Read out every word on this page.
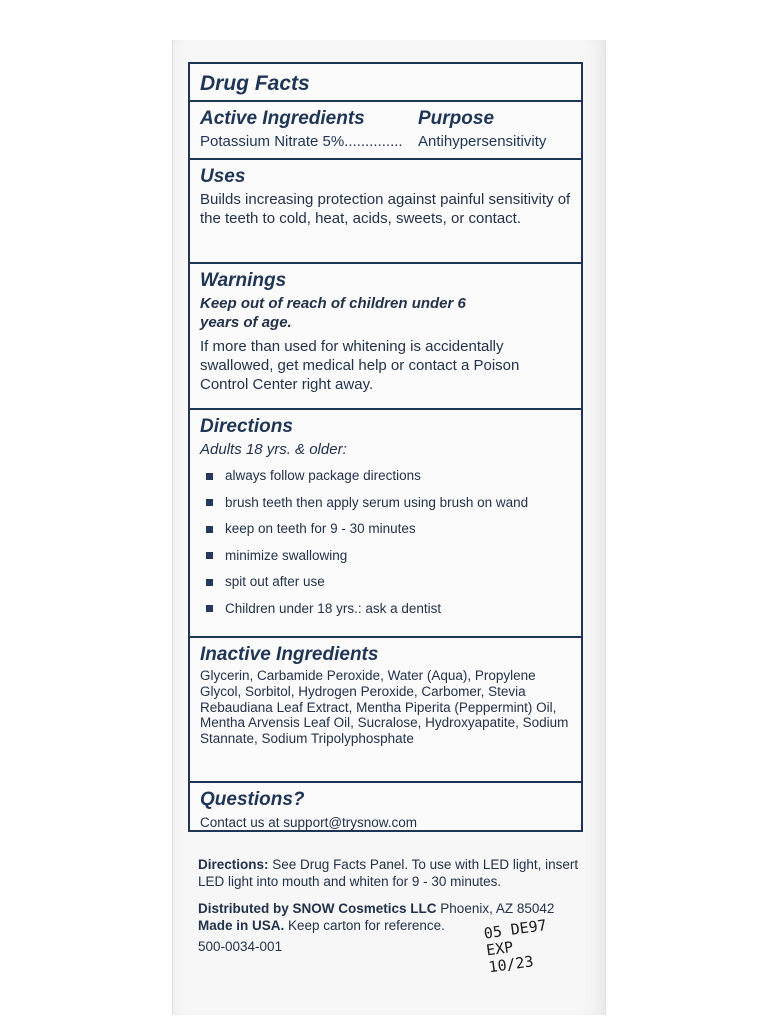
Drug Facts
Active Ingredients	Purpose
Potassium Nitrate 5%..............	Antihypersensitivity
Uses

Builds increasing protection against painful sensitivity of the teeth to cold, heat, acids, sweets, or contact.

Warnings

Keep out of reach of children under 6 years of age.

If more than used for whitening is accidentally swallowed, get medical help or contact a Poison Control Center right away.

Directions

Adults 18 yrs. & older:

always follow package directions
brush teeth then apply serum using brush on wand
keep on teeth for 9 - 30 minutes
minimize swallowing
spit out after use
Children under 18 yrs.: ask a dentist
Inactive Ingredients

Glycerin, Carbamide Peroxide, Water (Aqua), Propylene Glycol, Sorbitol, Hydrogen Peroxide, Carbomer, Stevia Rebaudiana Leaf Extract, Mentha Piperita (Peppermint) Oil, Mentha Arvensis Leaf Oil, Sucralose, Hydroxyapatite, Sodium Stannate, Sodium Tripolyphosphate

Questions?

Contact us at support@trysnow.com

Directions: See Drug Facts Panel. To use with LED light, insert LED light into mouth and whiten for 9 - 30 minutes.
Distributed by SNOW Cosmetics LLC Phoenix, AZ 85042
Made in USA. Keep carton for reference.
500-0034-001
05 DE97
EXP 10/23
